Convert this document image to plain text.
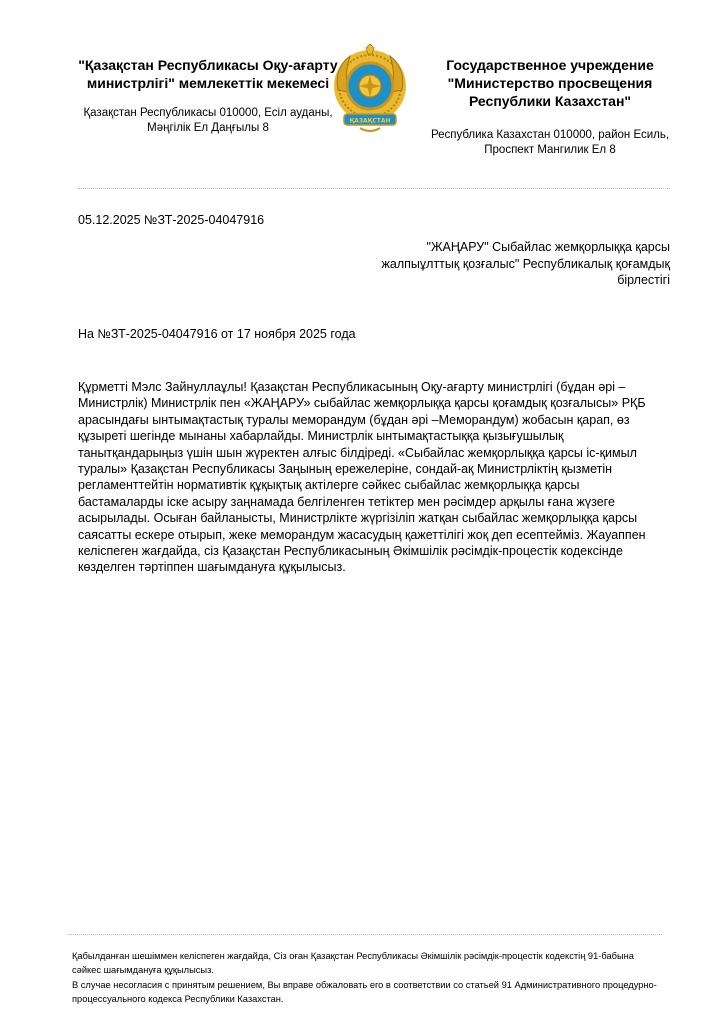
"Қазақстан Республикасы Оқу-ағарту министрлігі" мемлекеттік мекемесі

Қазақстан Республикасы 010000, Есіл ауданы, Мәңгілік Ел Даңғылы 8
ҚАЗАҚСТАН

Государственное учреждение "Министерство просвещения Республики Казахстан"

Республика Казахстан 010000, район Есиль, Проспект Мангилик Ел 8
05.12.2025 №ЗТ-2025-04047916
"ЖАҢАРУ" Сыбайлас жемқорлыққа қарсы жалпыұлттық қозғалыс" Республикалық қоғамдық бірлестігі
На №ЗТ-2025-04047916 от 17 ноября 2025 года
Құрметті Мэлс Зайнуллаұлы! Қазақстан Республикасының Оқу-ағарту министрлігі (бұдан әрі – Министрлік) Министрлік пен «ЖАҢАРУ» сыбайлас жемқорлыққа қарсы қоғамдық қозғалысы» РҚБ арасындағы ынтымақтастық туралы меморандум (бұдан әрі –Меморандум) жобасын қарап, өз құзыреті шегінде мынаны хабарлайды. Министрлік ынтымақтастыққа қызығушылық танытқандарыңыз үшін шын жүректен алғыс білдіреді. «Сыбайлас жемқорлыққа қарсы іс-қимыл туралы» Қазақстан Республикасы Заңының ережелеріне, сондай-ақ Министрліктің қызметін регламенттейтін нормативтік құқықтық актілерге сәйкес сыбайлас жемқорлыққа қарсы бастамаларды іске асыру заңнамада белгіленген тетіктер мен рәсімдер арқылы ғана жүзеге асырылады. Осыған байланысты, Министрлікте жүргізіліп жатқан сыбайлас жемқорлыққа қарсы саясатты ескере отырып, жеке меморандум жасасудың қажеттілігі жоқ деп есептейміз. Жауаппен келіспеген жағдайда, сіз Қазақстан Республикасының Әкімшілік рәсімдік-процестік кодексінде көзделген тәртіппен шағымдануға құқылысыз.

Қабылданған шешіммен келіспеген жағдайда, Сіз оған Қазақстан Республикасы Әкімшілік рәсімдік-процестік кодекстің 91-бабына сәйкес шағымдануға құқылысыз.

В случае несогласия с принятым решением, Вы вправе обжаловать его в соответствии со статьей 91 Административного процедурно-процессуального кодекса Республики Казахстан.
